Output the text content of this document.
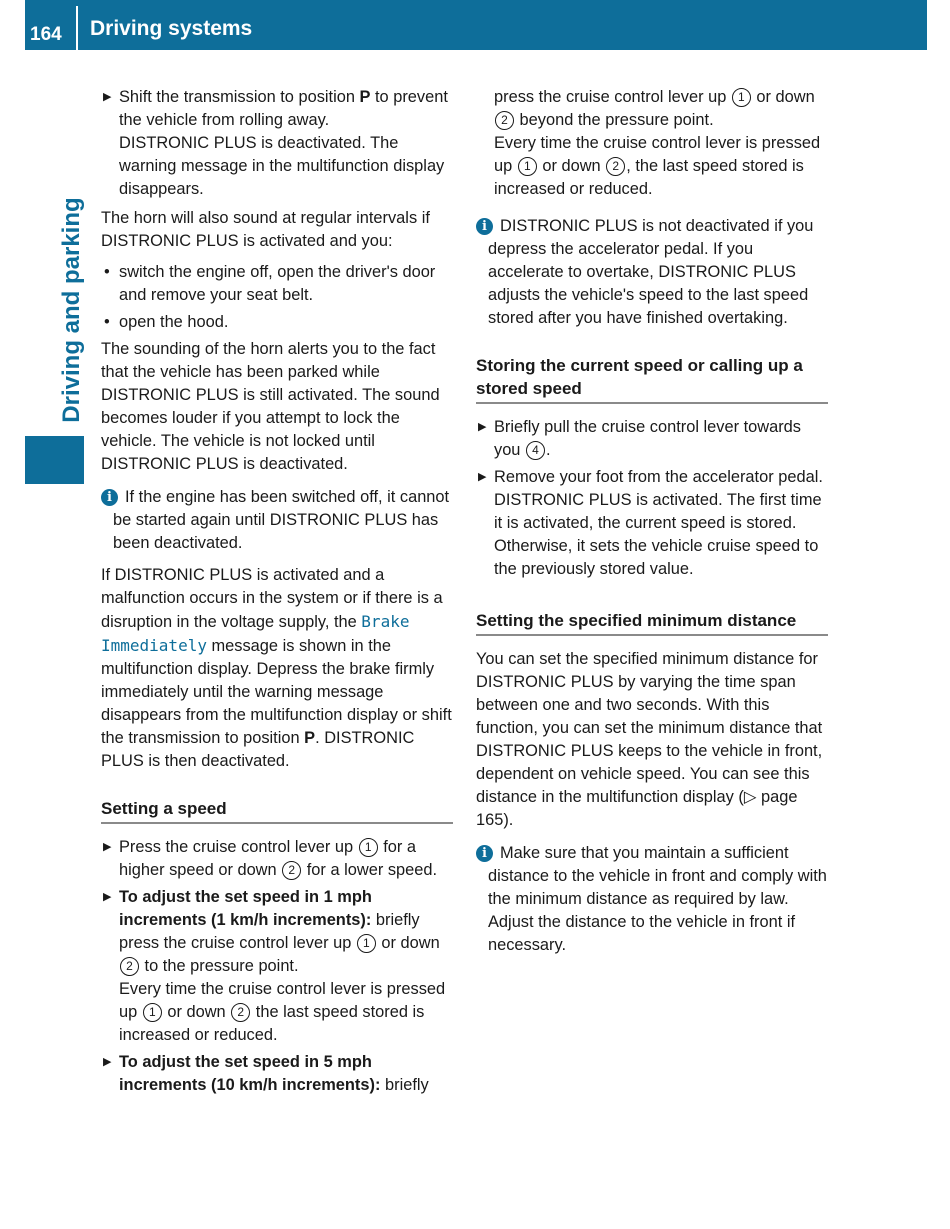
164 Driving systems
Driving and parking
▶ Shift the transmission to position P to prevent the vehicle from rolling away.
DISTRONIC PLUS is deactivated. The warning message in the multifunction display disappears.

The horn will also sound at regular intervals if DISTRONIC PLUS is activated and you:

• switch the engine off, open the driver's door and remove your seat belt.
• open the hood.

The sounding of the horn alerts you to the fact that the vehicle has been parked while DISTRONIC PLUS is still activated. The sound becomes louder if you attempt to lock the vehicle. The vehicle is not locked until DISTRONIC PLUS is deactivated.

i If the engine has been switched off, it cannot be started again until DISTRONIC PLUS has been deactivated.

If DISTRONIC PLUS is activated and a malfunction occurs in the system or if there is a disruption in the voltage supply, the Brake Immediately message is shown in the multifunction display. Depress the brake firmly immediately until the warning message disappears from the multifunction display or shift the transmission to position P. DISTRONIC PLUS is then deactivated.

Setting a speed
▶ Press the cruise control lever up 1 for a higher speed or down 2 for a lower speed.
▶ To adjust the set speed in 1 mph increments (1 km/h increments): briefly press the cruise control lever up 1 or down 2 to the pressure point.
Every time the cruise control lever is pressed up 1 or down 2 the last speed stored is increased or reduced.
▶ To adjust the set speed in 5 mph increments (10 km/h increments): briefly
press the cruise control lever up 1 or down 2 beyond the pressure point.
Every time the cruise control lever is pressed up 1 or down 2 , the last speed stored is increased or reduced.
i DISTRONIC PLUS is not deactivated if you depress the accelerator pedal. If you accelerate to overtake, DISTRONIC PLUS adjusts the vehicle's speed to the last speed stored after you have finished overtaking.
Storing the current speed or calling up a stored speed
▶ Briefly pull the cruise control lever towards you 4 .
▶ Remove your foot from the accelerator pedal.
DISTRONIC PLUS is activated. The first time it is activated, the current speed is stored. Otherwise, it sets the vehicle cruise speed to the previously stored value.
Setting the specified minimum distance

You can set the specified minimum distance for DISTRONIC PLUS by varying the time span between one and two seconds. With this function, you can set the minimum distance that DISTRONIC PLUS keeps to the vehicle in front, dependent on vehicle speed. You can see this distance in the multifunction display (▷ page 165).

i Make sure that you maintain a sufficient distance to the vehicle in front and comply with the minimum distance as required by law. Adjust the distance to the vehicle in front if necessary.
